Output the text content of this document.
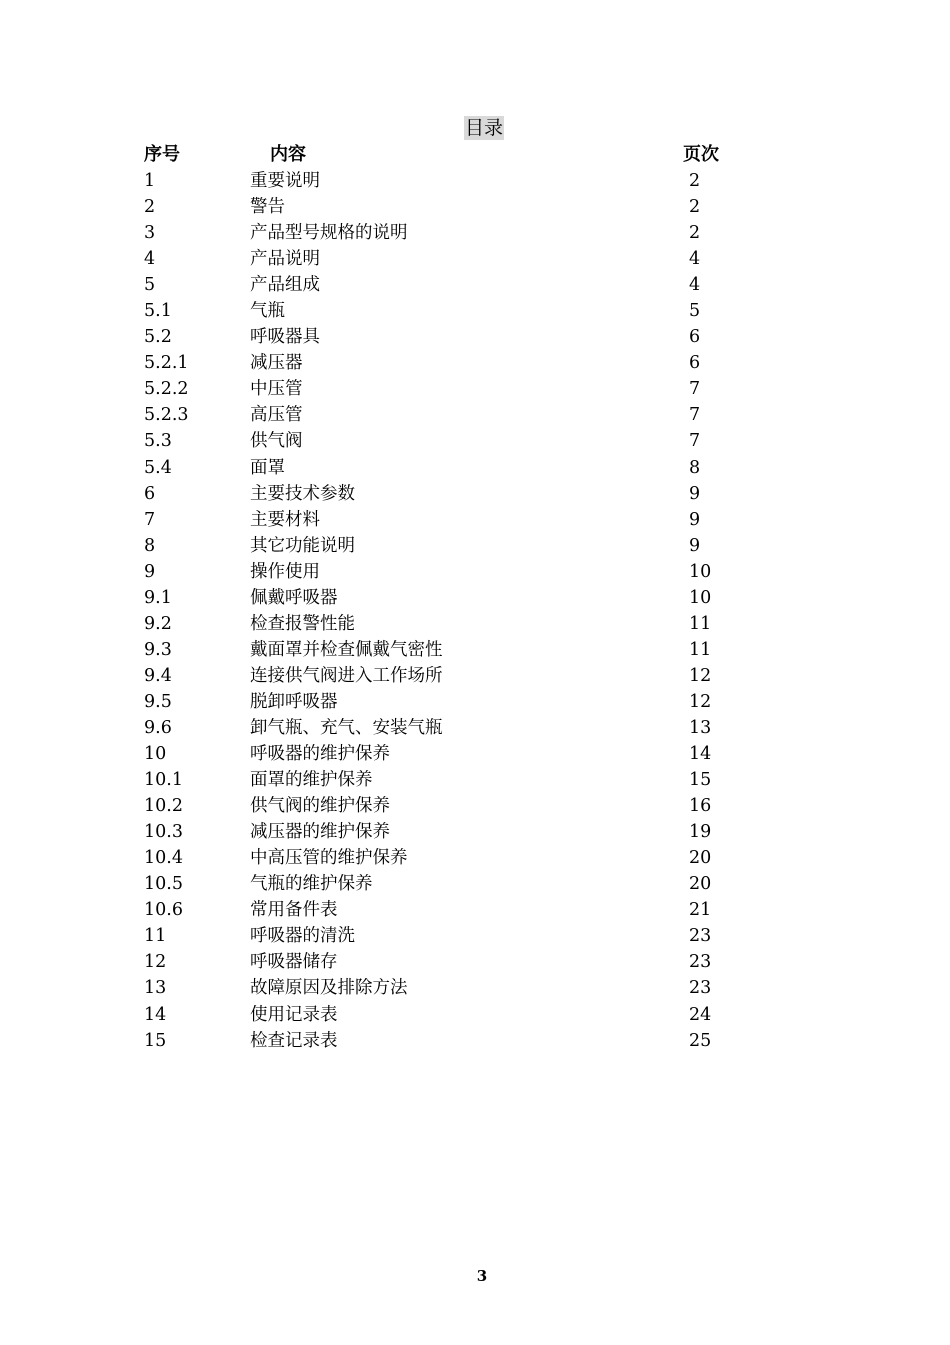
目录
序号	内容	页次
1	重要说明	2
2	警告	2
3	产品型号规格的说明	2
4	产品说明	4
5	产品组成	4
5.1	气瓶	5
5.2	呼吸器具	6
5.2.1	减压器	6
5.2.2	中压管	7
5.2.3	高压管	7
5.3	供气阀	7
5.4	面罩	8
6	主要技术参数	9
7	主要材料	9
8	其它功能说明	9
9	操作使用	10
9.1	佩戴呼吸器	10
9.2	检查报警性能	11
9.3	戴面罩并检查佩戴气密性	11
9.4	连接供气阀进入工作场所	12
9.5	脱卸呼吸器	12
9.6	卸气瓶、充气、安装气瓶	13
10	呼吸器的维护保养	14
10.1	面罩的维护保养	15
10.2	供气阀的维护保养	16
10.3	减压器的维护保养	19
10.4	中高压管的维护保养	20
10.5	气瓶的维护保养	20
10.6	常用备件表	21
11	呼吸器的清洗	23
12	呼吸器储存	23
13	故障原因及排除方法	23
14	使用记录表	24
15	检查记录表	25
3
